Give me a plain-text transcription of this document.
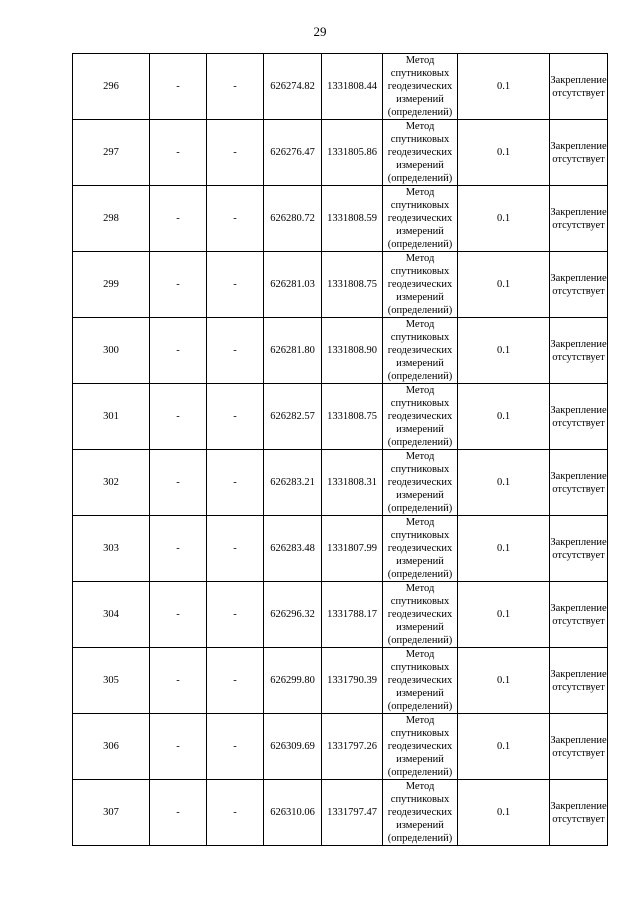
29
296	-	-	626274.82	1331808.44	Метод спутниковых геодезических измерений (определений)	0.1	Закрепление отсутствует
297	-	-	626276.47	1331805.86	Метод спутниковых геодезических измерений (определений)	0.1	Закрепление отсутствует
298	-	-	626280.72	1331808.59	Метод спутниковых геодезических измерений (определений)	0.1	Закрепление отсутствует
299	-	-	626281.03	1331808.75	Метод спутниковых геодезических измерений (определений)	0.1	Закрепление отсутствует
300	-	-	626281.80	1331808.90	Метод спутниковых геодезических измерений (определений)	0.1	Закрепление отсутствует
301	-	-	626282.57	1331808.75	Метод спутниковых геодезических измерений (определений)	0.1	Закрепление отсутствует
302	-	-	626283.21	1331808.31	Метод спутниковых геодезических измерений (определений)	0.1	Закрепление отсутствует
303	-	-	626283.48	1331807.99	Метод спутниковых геодезических измерений (определений)	0.1	Закрепление отсутствует
304	-	-	626296.32	1331788.17	Метод спутниковых геодезических измерений (определений)	0.1	Закрепление отсутствует
305	-	-	626299.80	1331790.39	Метод спутниковых геодезических измерений (определений)	0.1	Закрепление отсутствует
306	-	-	626309.69	1331797.26	Метод спутниковых геодезических измерений (определений)	0.1	Закрепление отсутствует
307	-	-	626310.06	1331797.47	Метод спутниковых геодезических измерений (определений)	0.1	Закрепление отсутствует
